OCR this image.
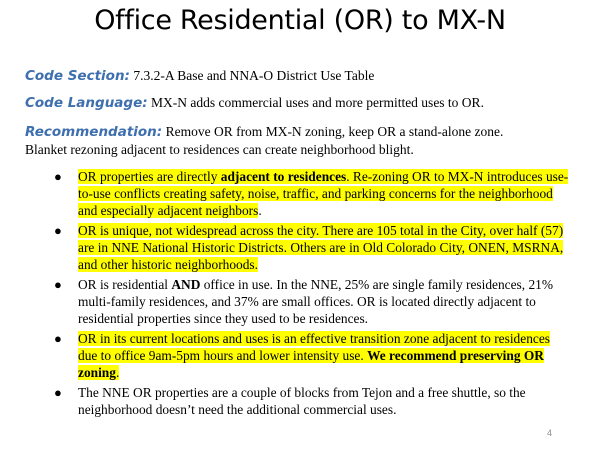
Office Residential (OR) to MX-N
Code Section: 7.3.2-A Base and NNA-O District Use Table
Code Language: MX-N adds commercial uses and more permitted uses to OR.
Recommendation: Remove OR from MX-N zoning, keep OR a stand-alone zone.
Blanket rezoning adjacent to residences can create neighborhood blight.
● OR properties are directly adjacent to residences. Re-zoning OR to MX-N introduces use-to-use conflicts creating safety, noise, traffic, and parking concerns for the neighborhood and especially adjacent neighbors.
● OR is unique, not widespread across the city. There are 105 total in the City, over half (57) are in NNE National Historic Districts. Others are in Old Colorado City, ONEN, MSRNA, and other historic neighborhoods.
● OR is residential AND office in use. In the NNE, 25% are single family residences, 21% multi-family residences, and 37% are small offices. OR is located directly adjacent to residential properties since they used to be residences.
● OR in its current locations and uses is an effective transition zone adjacent to residences due to office 9am-5pm hours and lower intensity use. We recommend preserving OR zoning.
● The NNE OR properties are a couple of blocks from Tejon and a free shuttle, so the neighborhood doesn’t need the additional commercial uses.
4
